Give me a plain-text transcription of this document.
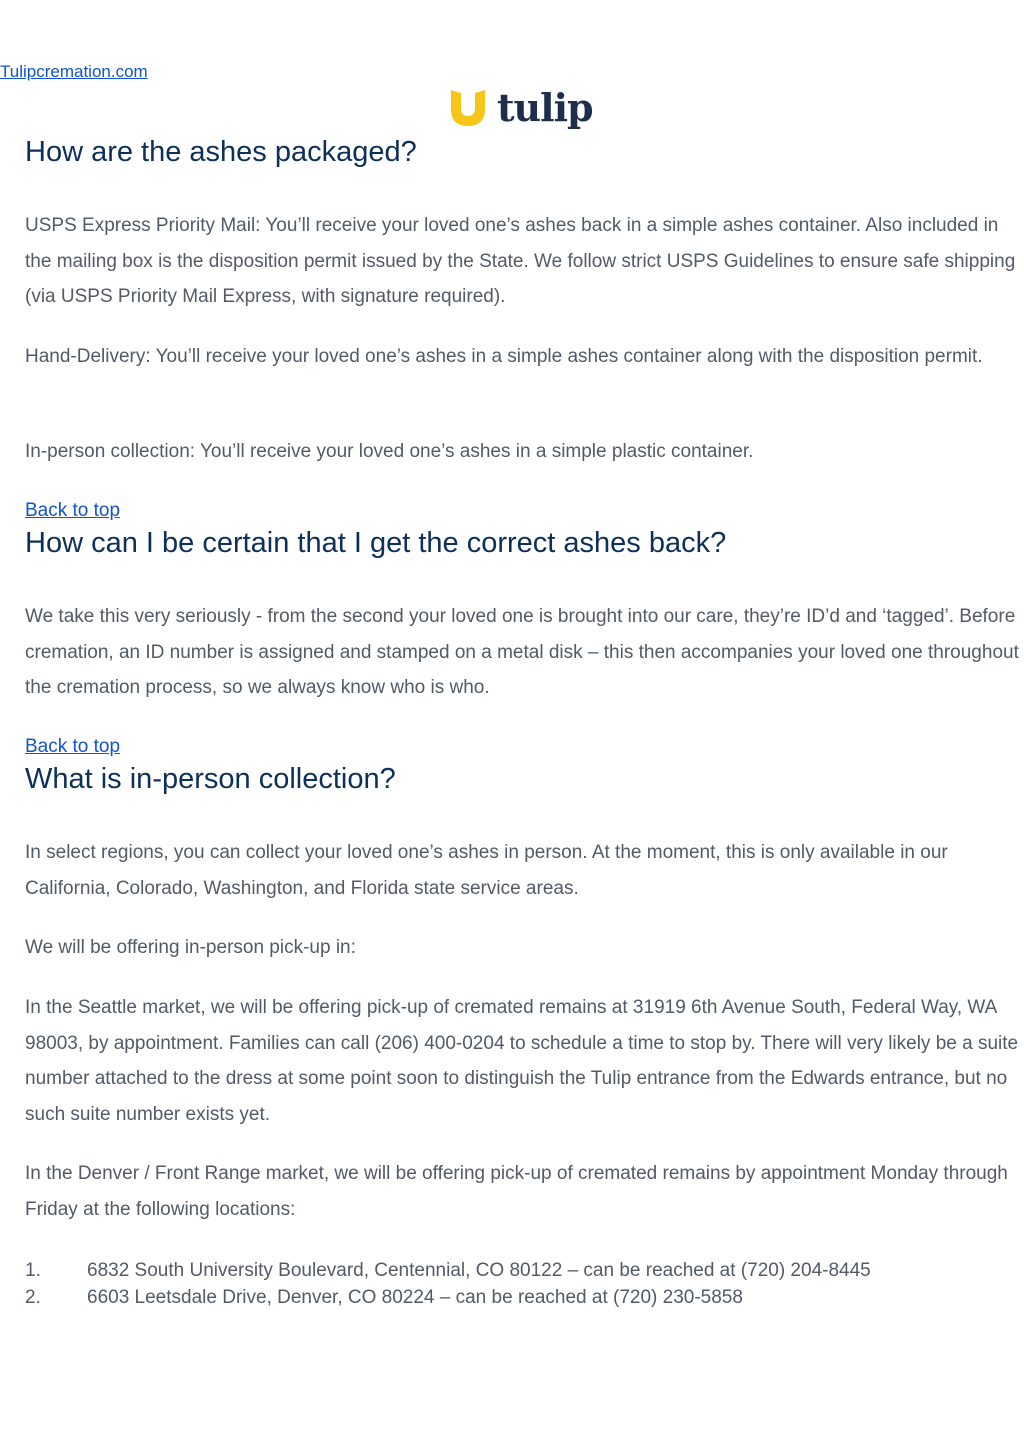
Tulipcremation.com
tulip
How are the ashes packaged?

USPS Express Priority Mail: You’ll receive your loved one’s ashes back in a simple ashes container. Also included in the mailing box is the disposition permit issued by the State. We follow strict USPS Guidelines to ensure safe shipping (via USPS Priority Mail Express, with signature required).

Hand-Delivery: You’ll receive your loved one’s ashes in a simple ashes container along with the disposition permit.

In-person collection: You’ll receive your loved one’s ashes in a simple plastic container.

Back to top
How can I be certain that I get the correct ashes back?

We take this very seriously - from the second your loved one is brought into our care, they’re ID’d and ‘tagged’. Before cremation, an ID number is assigned and stamped on a metal disk – this then accompanies your loved one throughout the cremation process, so we always know who is who.

Back to top
What is in-person collection?

In select regions, you can collect your loved one’s ashes in person. At the moment, this is only available in our California, Colorado, Washington, and Florida state service areas.

We will be offering in-person pick-up in:

In the Seattle market, we will be offering pick-up of cremated remains at 31919 6th Avenue South, Federal Way, WA 98003, by appointment. Families can call (206) 400-0204 to schedule a time to stop by. There will very likely be a suite number attached to the dress at some point soon to distinguish the Tulip entrance from the Edwards entrance, but no such suite number exists yet.

In the Denver / Front Range market, we will be offering pick-up of cremated remains by appointment Monday through Friday at the following locations:

1.	6832 South University Boulevard, Centennial, CO 80122 – can be reached at (720) 204-8445
2.	6603 Leetsdale Drive, Denver, CO 80224 – can be reached at (720) 230-5858
